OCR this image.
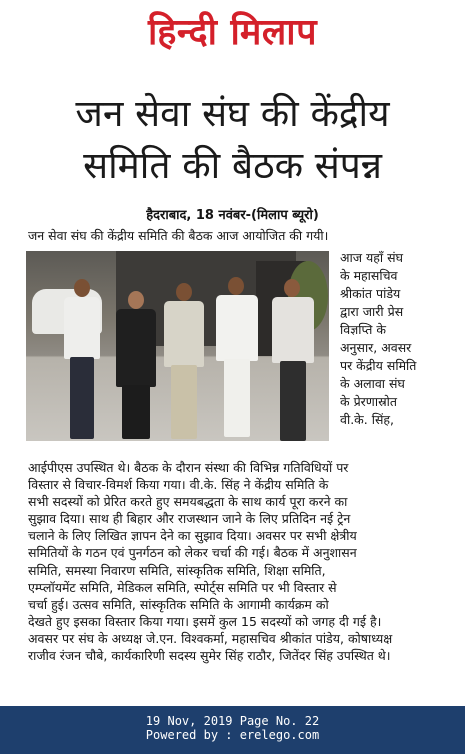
हिन्दी मिलाप
जन सेवा संघ की केंद्रीय
समिति की बैठक संपन्न
हैदराबाद, 18 नवंबर-(मिलाप ब्यूरो)
जन सेवा संघ की केंद्रीय समिति की बैठक आज आयोजित की गयी।
आज यहाँ संघ
के महासचिव
श्रीकांत पांडेय
द्वारा जारी प्रेस
विज्ञप्ति के
अनुसार, अवसर
पर केंद्रीय समिति
के अलावा संघ
के प्रेरणास्रोत
वी.के. सिंह,
आईपीएस उपस्थित थे। बैठक के दौरान संस्था की विभिन्न गतिविधियों पर
विस्तार से विचार-विमर्श किया गया। वी.के. सिंह ने केंद्रीय समिति के
सभी सदस्यों को प्रेरित करते हुए समयबद्धता के साथ कार्य पूरा करने का
सुझाव दिया। साथ ही बिहार और राजस्थान जाने के लिए प्रतिदिन नई ट्रेन
चलाने के लिए लिखित ज्ञापन देने का सुझाव दिया। अवसर पर सभी क्षेत्रीय
समितियों के गठन एवं पुनर्गठन को लेकर चर्चा की गई। बैठक में अनुशासन
समिति, समस्या निवारण समिति, सांस्कृतिक समिति, शिक्षा समिति,
एम्प्लॉयमेंट समिति, मेडिकल समिति, स्पोर्ट्स समिति पर भी विस्तार से
चर्चा हुई। उत्सव समिति, सांस्कृतिक समिति के आगामी कार्यक्रम को
देखते हुए इसका विस्तार किया गया। इसमें कुल 15 सदस्यों को जगह दी गई है।
अवसर पर संघ के अध्यक्ष जे.एन. विश्वकर्मा, महासचिव श्रीकांत पांडेय, कोषाध्यक्ष
राजीव रंजन चौबे, कार्यकारिणी सदस्य सुमेर सिंह राठौर, जितेंदर सिंह उपस्थित थे।
19 Nov, 2019 Page No. 22
Powered by : erelego.com
